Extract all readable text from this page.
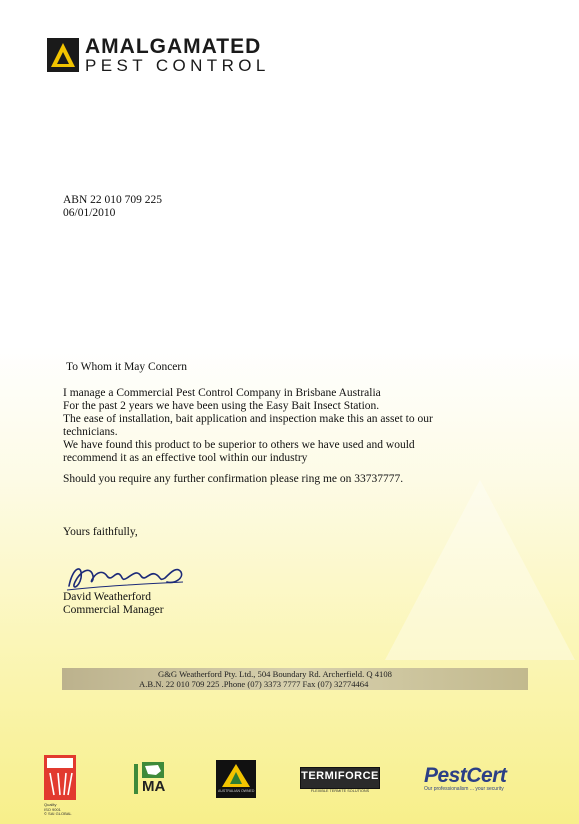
AMALGAMATED
PEST CONTROL
ABN 22 010 709 225
06/01/2010
To Whom it May Concern
I manage a Commercial Pest Control Company in Brisbane Australia
For the past 2 years we have been using the Easy Bait Insect Station.
The ease of installation, bait application and inspection make this an asset to our
technicians.
We have found this product to be superior to others we have used and would
recommend it as an effective tool within our industry
Should you require any further confirmation please ring me on 33737777.
Yours faithfully,
David Weatherford
Commercial Manager
G&G Weatherford Pty. Ltd., 504 Boundary Rd. Archerfield. Q 4108
A.B.N. 22 010 709 225 .Phone (07) 3373 7777 Fax (07) 32774464
Quality
ISO 9001
© SAI GLOBAL
MA	AUSTRALIAN OWNED
TERMIFORCE
FLEXIBLE TERMITE SOLUTIONS
PestCert
Our professionalism ... your security
